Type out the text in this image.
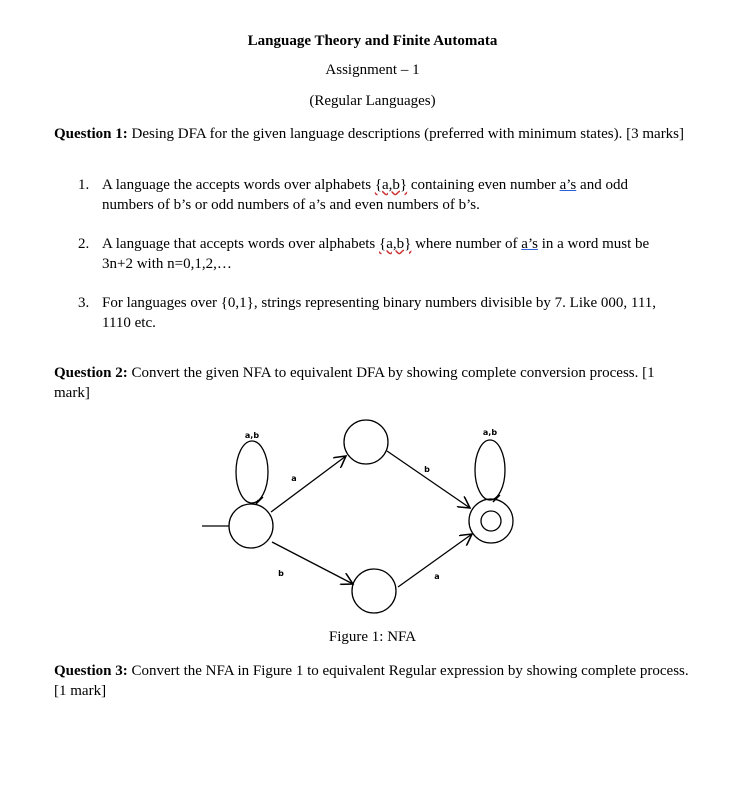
Language Theory and Finite Automata
Assignment – 1
(Regular Languages)
Question 1: Desing DFA for the given language descriptions (preferred with minimum states). [3 marks]
1. A language the accepts words over alphabets {a,b} containing even number a’s and odd numbers of b’s or odd numbers of a’s and even numbers of b’s.
2. A language that accepts words over alphabets {a,b} where number of a’s in a word must be 3n+2 with n=0,1,2,…
3. For languages over {0,1}, strings representing binary numbers divisible by 7. Like 000, 111, 1110 etc.
Question 2: Convert the given NFA to equivalent DFA by showing complete conversion process. [1 mark]
a,b	a,b
a
b
b	a
Figure 1: NFA
Question 3: Convert the NFA in Figure 1 to equivalent Regular expression by showing complete process. [1 mark]
